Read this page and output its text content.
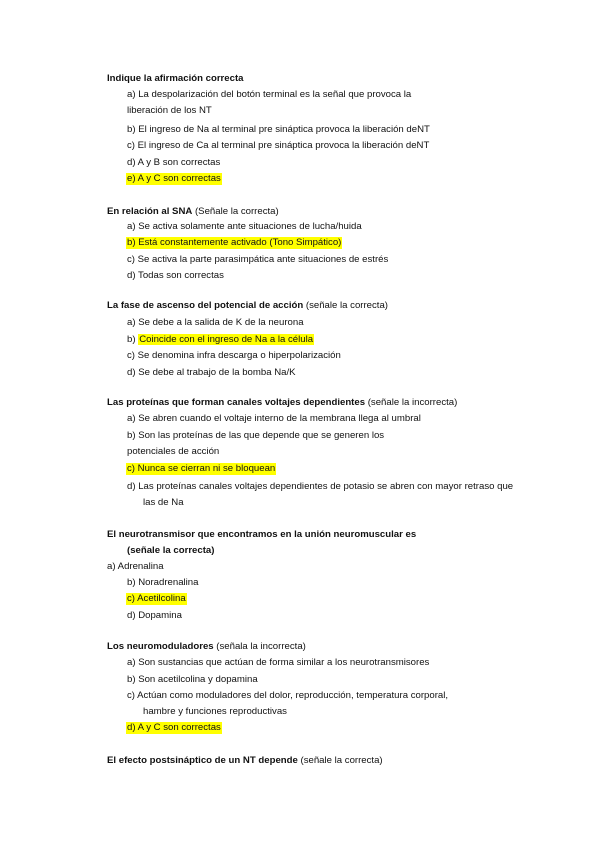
Indique la afirmación correcta
a) La despolarización del botón terminal es la señal que provoca la
liberación de los NT
b) El ingreso de Na al terminal pre sináptica provoca la liberación deNT
c) El ingreso de Ca al terminal pre sináptica provoca la liberación deNT
d) A y B son correctas
e) A y C son correctas
En relación al SNA (Señale la correcta)
a) Se activa solamente ante situaciones de lucha/huida
b) Está constantemente activado (Tono Simpático)
c) Se activa la parte parasimpática ante situaciones de estrés
d) Todas son correctas
La fase de ascenso del potencial de acción (señale la correcta)
a) Se debe a la salida de K de la neurona
b) Coincide con el ingreso de Na a la célula
c) Se denomina infra descarga o hiperpolarización
d) Se debe al trabajo de la bomba Na/K
Las proteínas que forman canales voltajes dependientes (señale la incorrecta)
a) Se abren cuando el voltaje interno de la membrana llega al umbral
b) Son las proteínas de las que depende que se generen los
potenciales de acción
c) Nunca se cierran ni se bloquean
d) Las proteínas canales voltajes dependientes de potasio se abren con mayor retraso que
las de Na
El neurotransmisor que encontramos en la unión neuromuscular es
(señale la correcta)
a) Adrenalina
b) Noradrenalina
c) Acetilcolina
d) Dopamina
Los neuromoduladores (señala la incorrecta)
a) Son sustancias que actúan de forma similar a los neurotransmisores
b) Son acetilcolina y dopamina
c) Actúan como moduladores del dolor, reproducción, temperatura corporal,
hambre y funciones reproductivas
d) A y C son correctas
El efecto postsináptico de un NT depende (señale la correcta)
